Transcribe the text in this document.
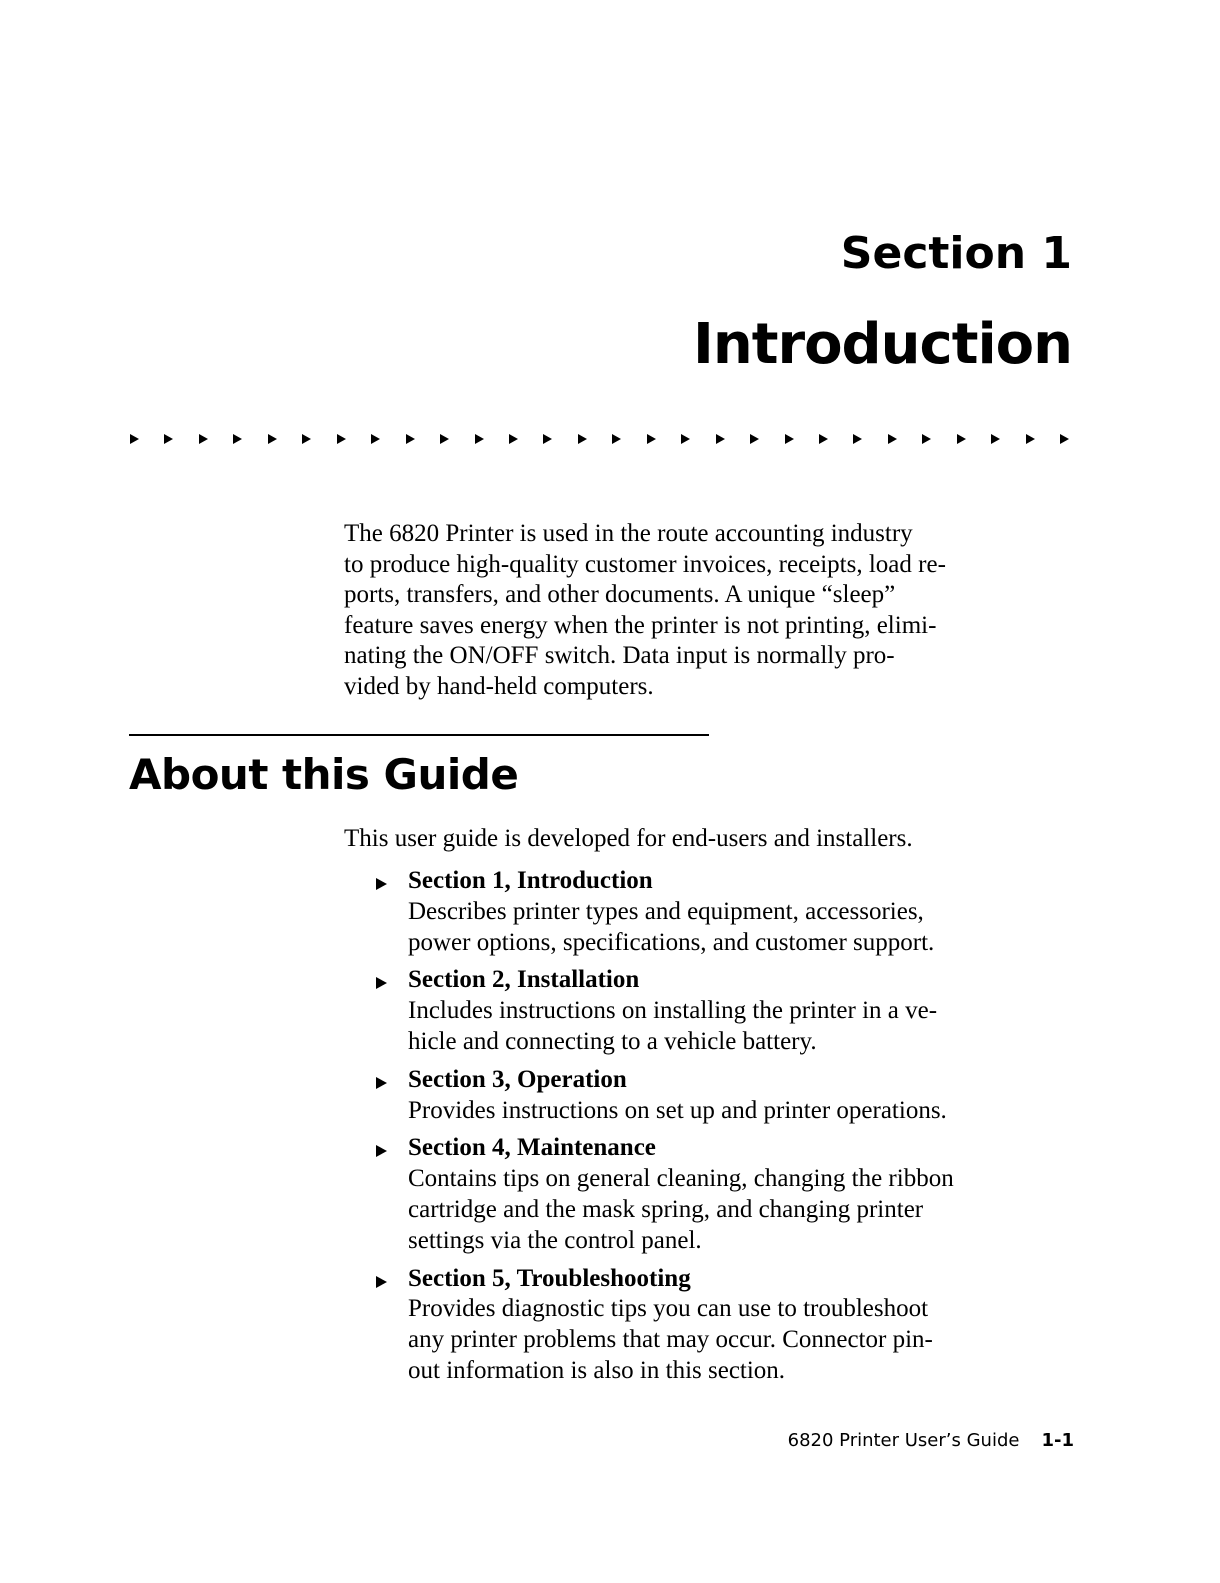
Section 1
Introduction
The 6820 Printer is used in the route accounting industry
to produce high-quality customer invoices, receipts, load re-
ports, transfers, and other documents. A unique “sleep”
feature saves energy when the printer is not printing, elimi-
nating the ON/OFF switch. Data input is normally pro-
vided by hand-held computers.
About this Guide
This user guide is developed for end-users and installers.
Section 1, Introduction
Describes printer types and equipment, accessories,
power options, specifications, and customer support.
Section 2, Installation
Includes instructions on installing the printer in a ve-
hicle and connecting to a vehicle battery.
Section 3, Operation
Provides instructions on set up and printer operations.
Section 4, Maintenance
Contains tips on general cleaning, changing the ribbon
cartridge and the mask spring, and changing printer
settings via the control panel.
Section 5, Troubleshooting
Provides diagnostic tips you can use to troubleshoot
any printer problems that may occur. Connector pin-
out information is also in this section.
6820 Printer User’s Guide 1-1
